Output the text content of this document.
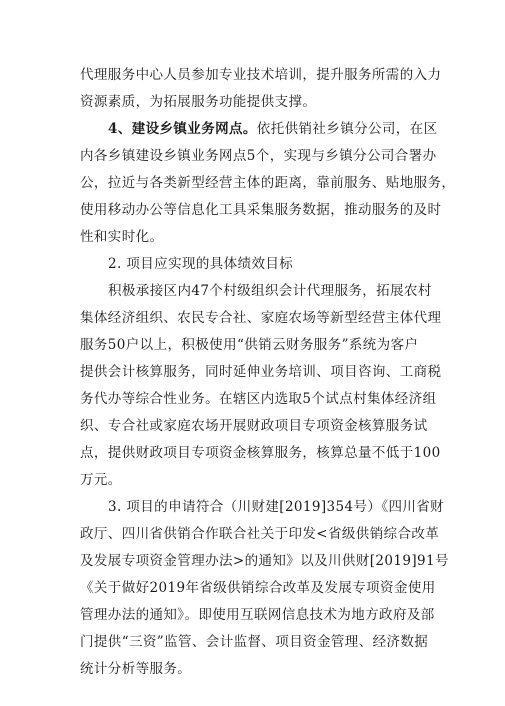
代理服务中心人员参加专业技术培训，提升服务所需的入力
资源素质，为拓展服务功能提供支撑。
4、建设乡镇业务网点。依托供销社乡镇分公司，在区
内各乡镇建设乡镇业务网点5个，实现与乡镇分公司合署办
公，拉近与各类新型经营主体的距离，靠前服务、贴地服务，
使用移动办公等信息化工具采集服务数据，推动服务的及时
性和实时化。
2. 项目应实现的具体绩效目标
积极承接区内47个村级组织会计代理服务，拓展农村
集体经济组织、农民专合社、家庭农场等新型经营主体代理
服务50户以上，积极使用“供销云财务服务”系统为客户
提供会计核算服务，同时延伸业务培训、项目咨询、工商税
务代办等综合性业务。在辖区内选取5个试点村集体经济组
织、专合社或家庭农场开展财政项目专项资金核算服务试
点，提供财政项目专项资金核算服务，核算总量不低于100
万元。
3. 项目的申请符合（川财建[2019]354号）《四川省财
政厅、四川省供销合作联合社关于印发<省级供销综合改革
及发展专项资金管理办法>的通知》以及川供财[2019]91号
《关于做好2019年省级供销综合改革及发展专项资金使用
管理办法的通知》。即使用互联网信息技术为地方政府及部
门提供“三资”监管、会计监督、项目资金管理、经济数据
统计分析等服务。
